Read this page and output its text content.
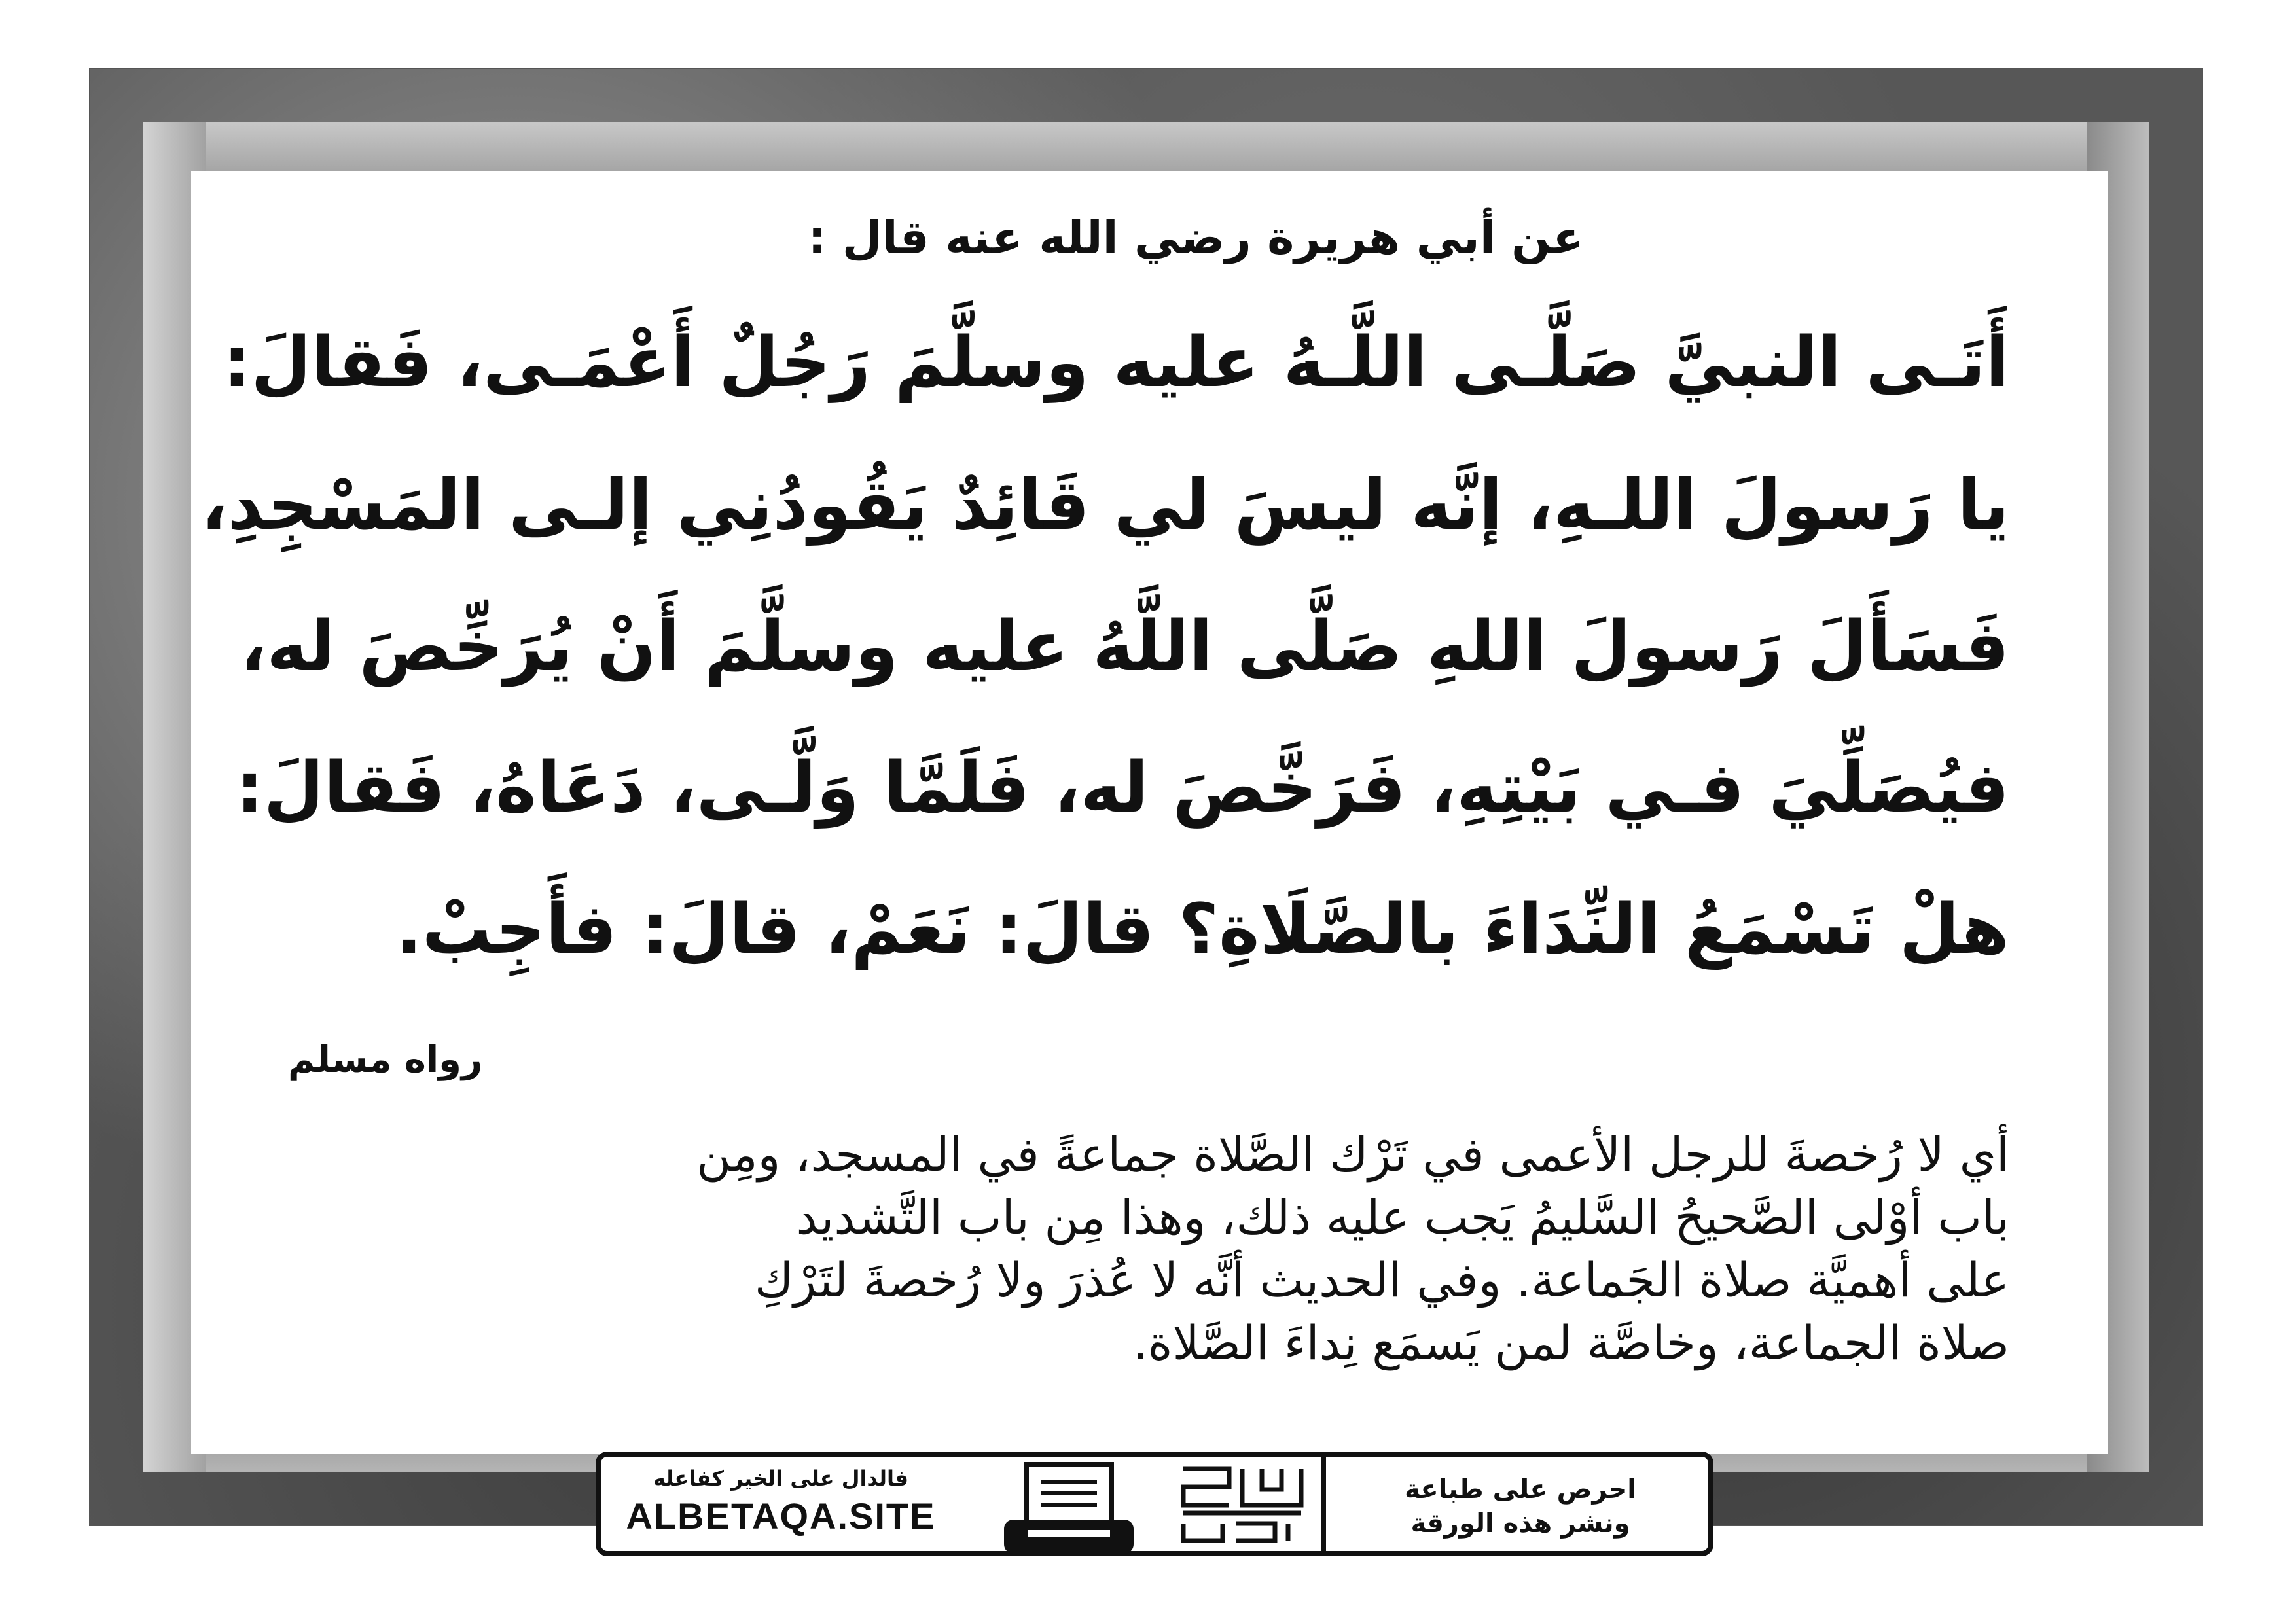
عن أبي هريرة رضي الله عنه قال :
أَتَـى النبيَّ صَلَّـى اللَّـهُ عليه وسلَّمَ رَجُلٌ أَعْمَـى، فَقالَ:
يا رَسولَ اللـهِ، إنَّه ليسَ لي قَائِدٌ يَقُودُنِي إلـى المَسْجِدِ،
فَسَأَلَ رَسولَ اللهِ صَلَّى اللَّهُ عليه وسلَّمَ أَنْ يُرَخِّصَ له،
فيُصَلِّيَ فـي بَيْتِهِ، فَرَخَّصَ له، فَلَمَّا وَلَّـى، دَعَاهُ، فَقالَ:
هلْ تَسْمَعُ النِّدَاءَ بالصَّلَاةِ؟ قالَ: نَعَمْ، قالَ: فأَجِبْ.
رواه مسلم
أي لا رُخصةَ للرجل الأعمى في تَرْك الصَّلاة جماعةً في المسجد، ومِن
باب أوْلى الصَّحيحُ السَّليمُ يَجب عليه ذلك، وهذا مِن باب التَّشديد
على أهميَّة صلاة الجَماعة. وفي الحديث أنَّه لا عُذرَ ولا رُخصةَ لتَرْكِ
صلاة الجماعة، وخاصَّة لمن يَسمَع نِداءَ الصَّلاة.
فالدال على الخير كفاعله
ALBETAQA.SITE
احرص على طباعة
ونشر هذه الورقة
